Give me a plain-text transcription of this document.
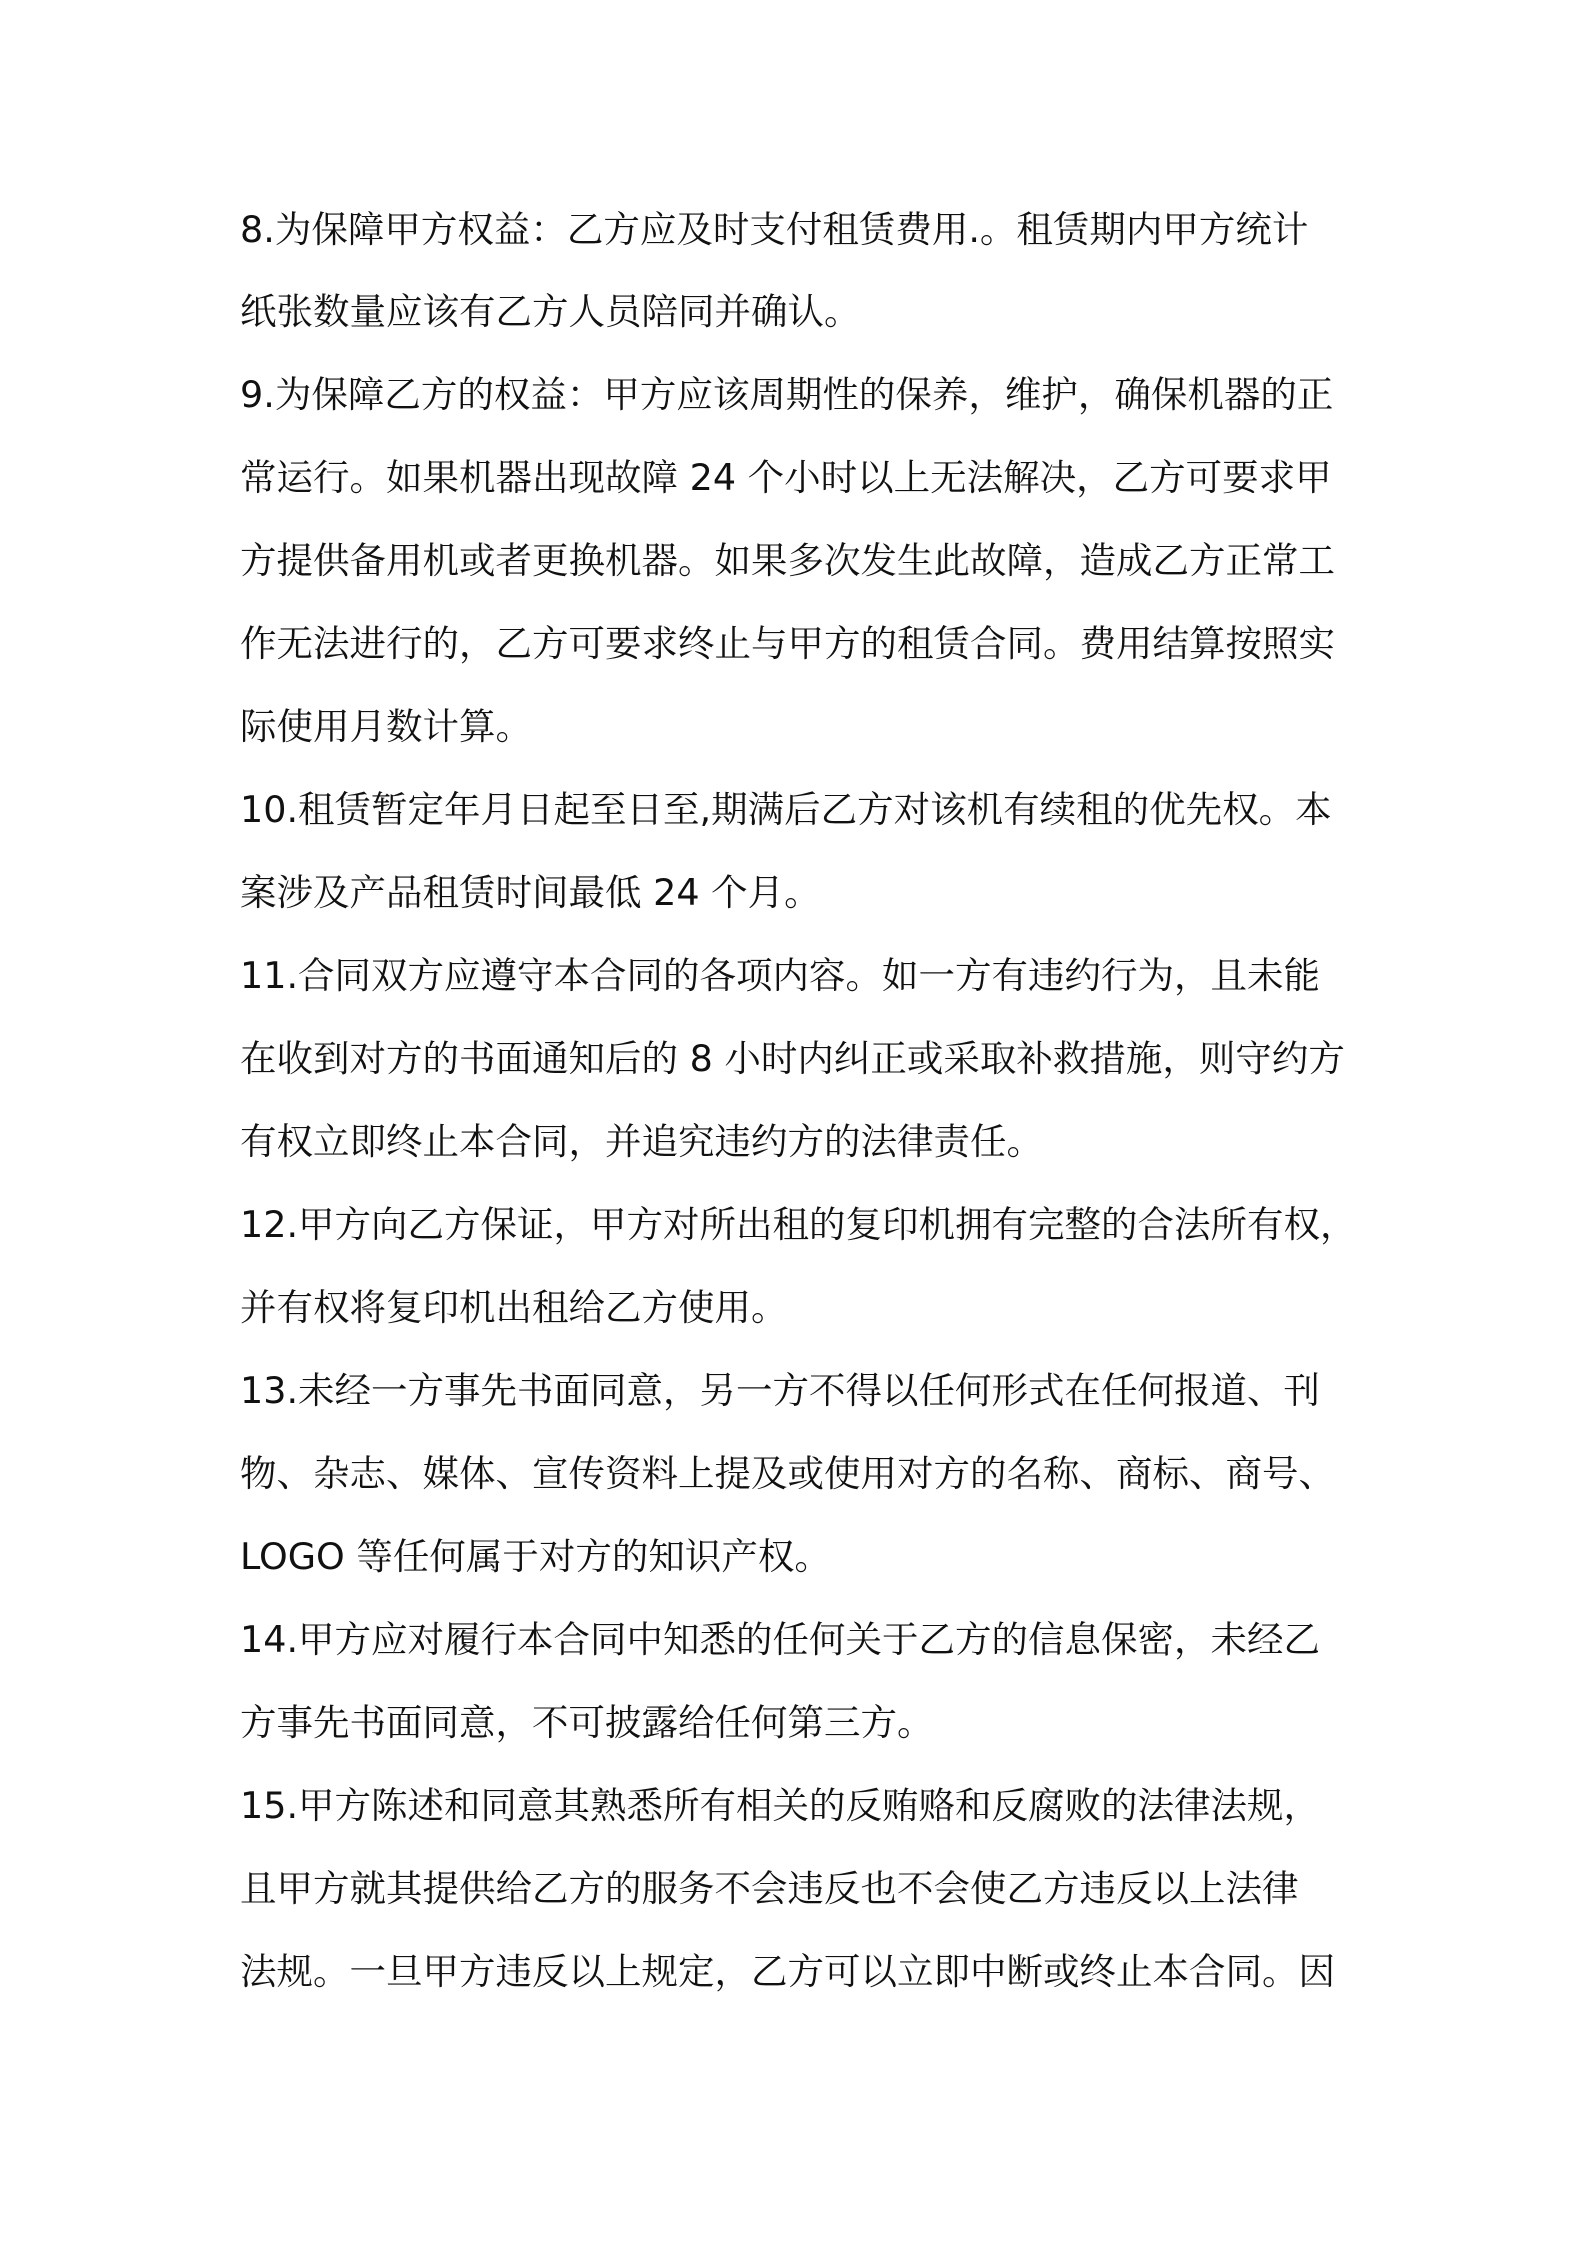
8.为保障甲方权益：乙方应及时支付租赁费用.。租赁期内甲方统计

纸张数量应该有乙方人员陪同并确认。

9.为保障乙方的权益：甲方应该周期性的保养，维护，确保机器的正

常运行。如果机器出现故障 24 个小时以上无法解决，乙方可要求甲

方提供备用机或者更换机器。如果多次发生此故障，造成乙方正常工

作无法进行的，乙方可要求终止与甲方的租赁合同。费用结算按照实

际使用月数计算。

10.租赁暂定年月日起至日至,期满后乙方对该机有续租的优先权。本

案涉及产品租赁时间最低 24 个月。

11.合同双方应遵守本合同的各项内容。如一方有违约行为，且未能

在收到对方的书面通知后的 8 小时内纠正或采取补救措施，则守约方

有权立即终止本合同，并追究违约方的法律责任。

12.甲方向乙方保证，甲方对所出租的复印机拥有完整的合法所有权，

并有权将复印机出租给乙方使用。

13.未经一方事先书面同意，另一方不得以任何形式在任何报道、刊

物、杂志、媒体、宣传资料上提及或使用对方的名称、商标、商号、

LOGO 等任何属于对方的知识产权。

14.甲方应对履行本合同中知悉的任何关于乙方的信息保密，未经乙

方事先书面同意，不可披露给任何第三方。

15.甲方陈述和同意其熟悉所有相关的反贿赂和反腐败的法律法规，

且甲方就其提供给乙方的服务不会违反也不会使乙方违反以上法律

法规。一旦甲方违反以上规定，乙方可以立即中断或终止本合同。因
